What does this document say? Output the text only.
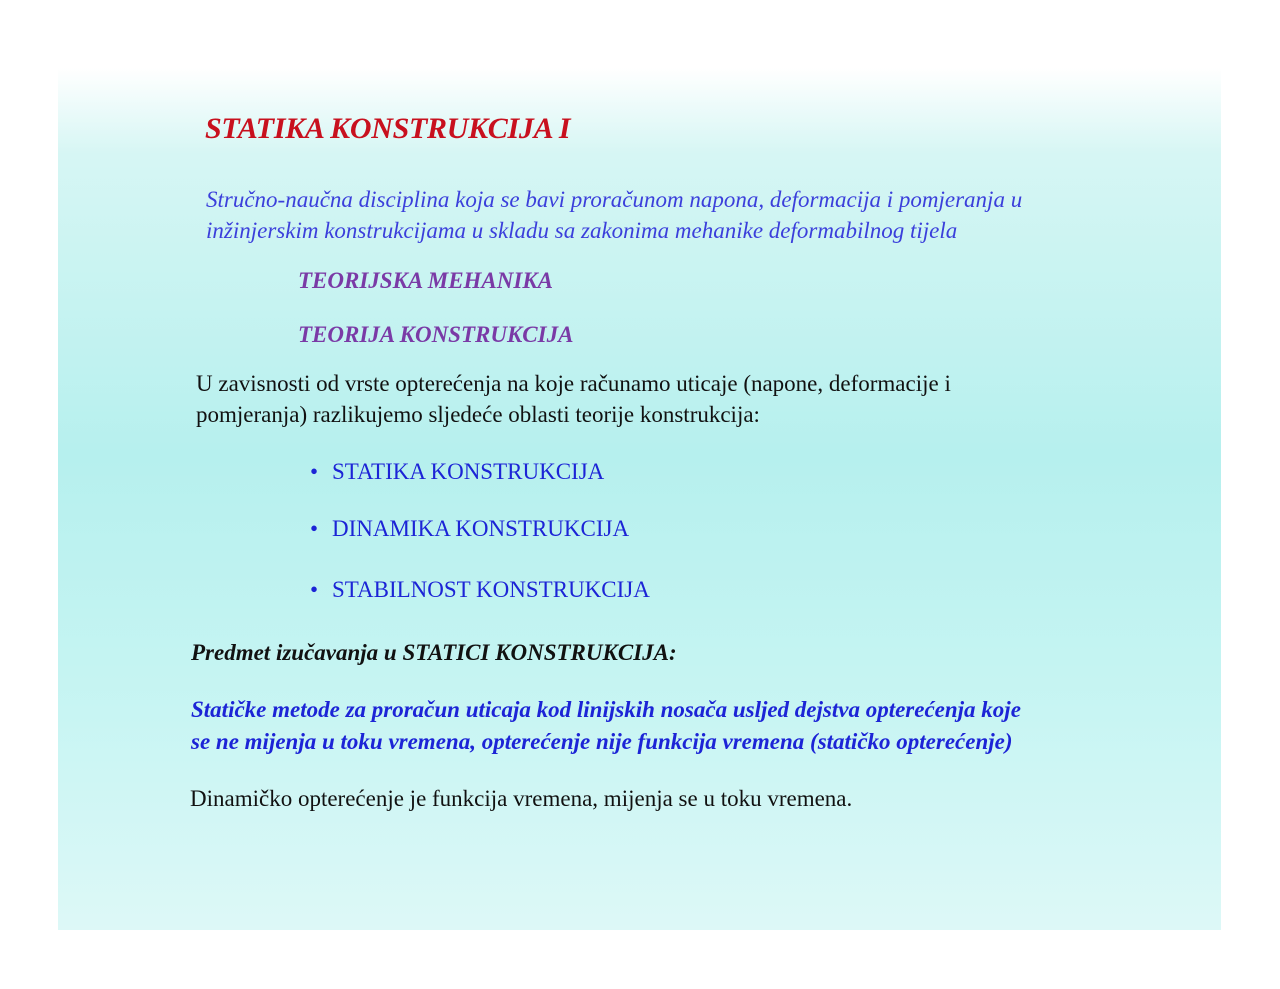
STATIKA KONSTRUKCIJA I
Stručno-naučna disciplina koja se bavi proračunom napona, deformacija i pomjeranja u
inžinjerskim konstrukcijama u skladu sa zakonima mehanike deformabilnog tijela
TEORIJSKA MEHANIKA
TEORIJA KONSTRUKCIJA
U zavisnosti od vrste opterećenja na koje računamo uticaje (napone, deformacije i
pomjeranja) razlikujemo sljedeće oblasti teorije konstrukcija:
• STATIKA KONSTRUKCIJA
• DINAMIKA KONSTRUKCIJA
• STABILNOST KONSTRUKCIJA
Predmet izučavanja u STATICI KONSTRUKCIJA:
Statičke metode za proračun uticaja kod linijskih nosača usljed dejstva opterećenja koje
se ne mijenja u toku vremena, opterećenje nije funkcija vremena (statičko opterećenje)
Dinamičko opterećenje je funkcija vremena, mijenja se u toku vremena.
